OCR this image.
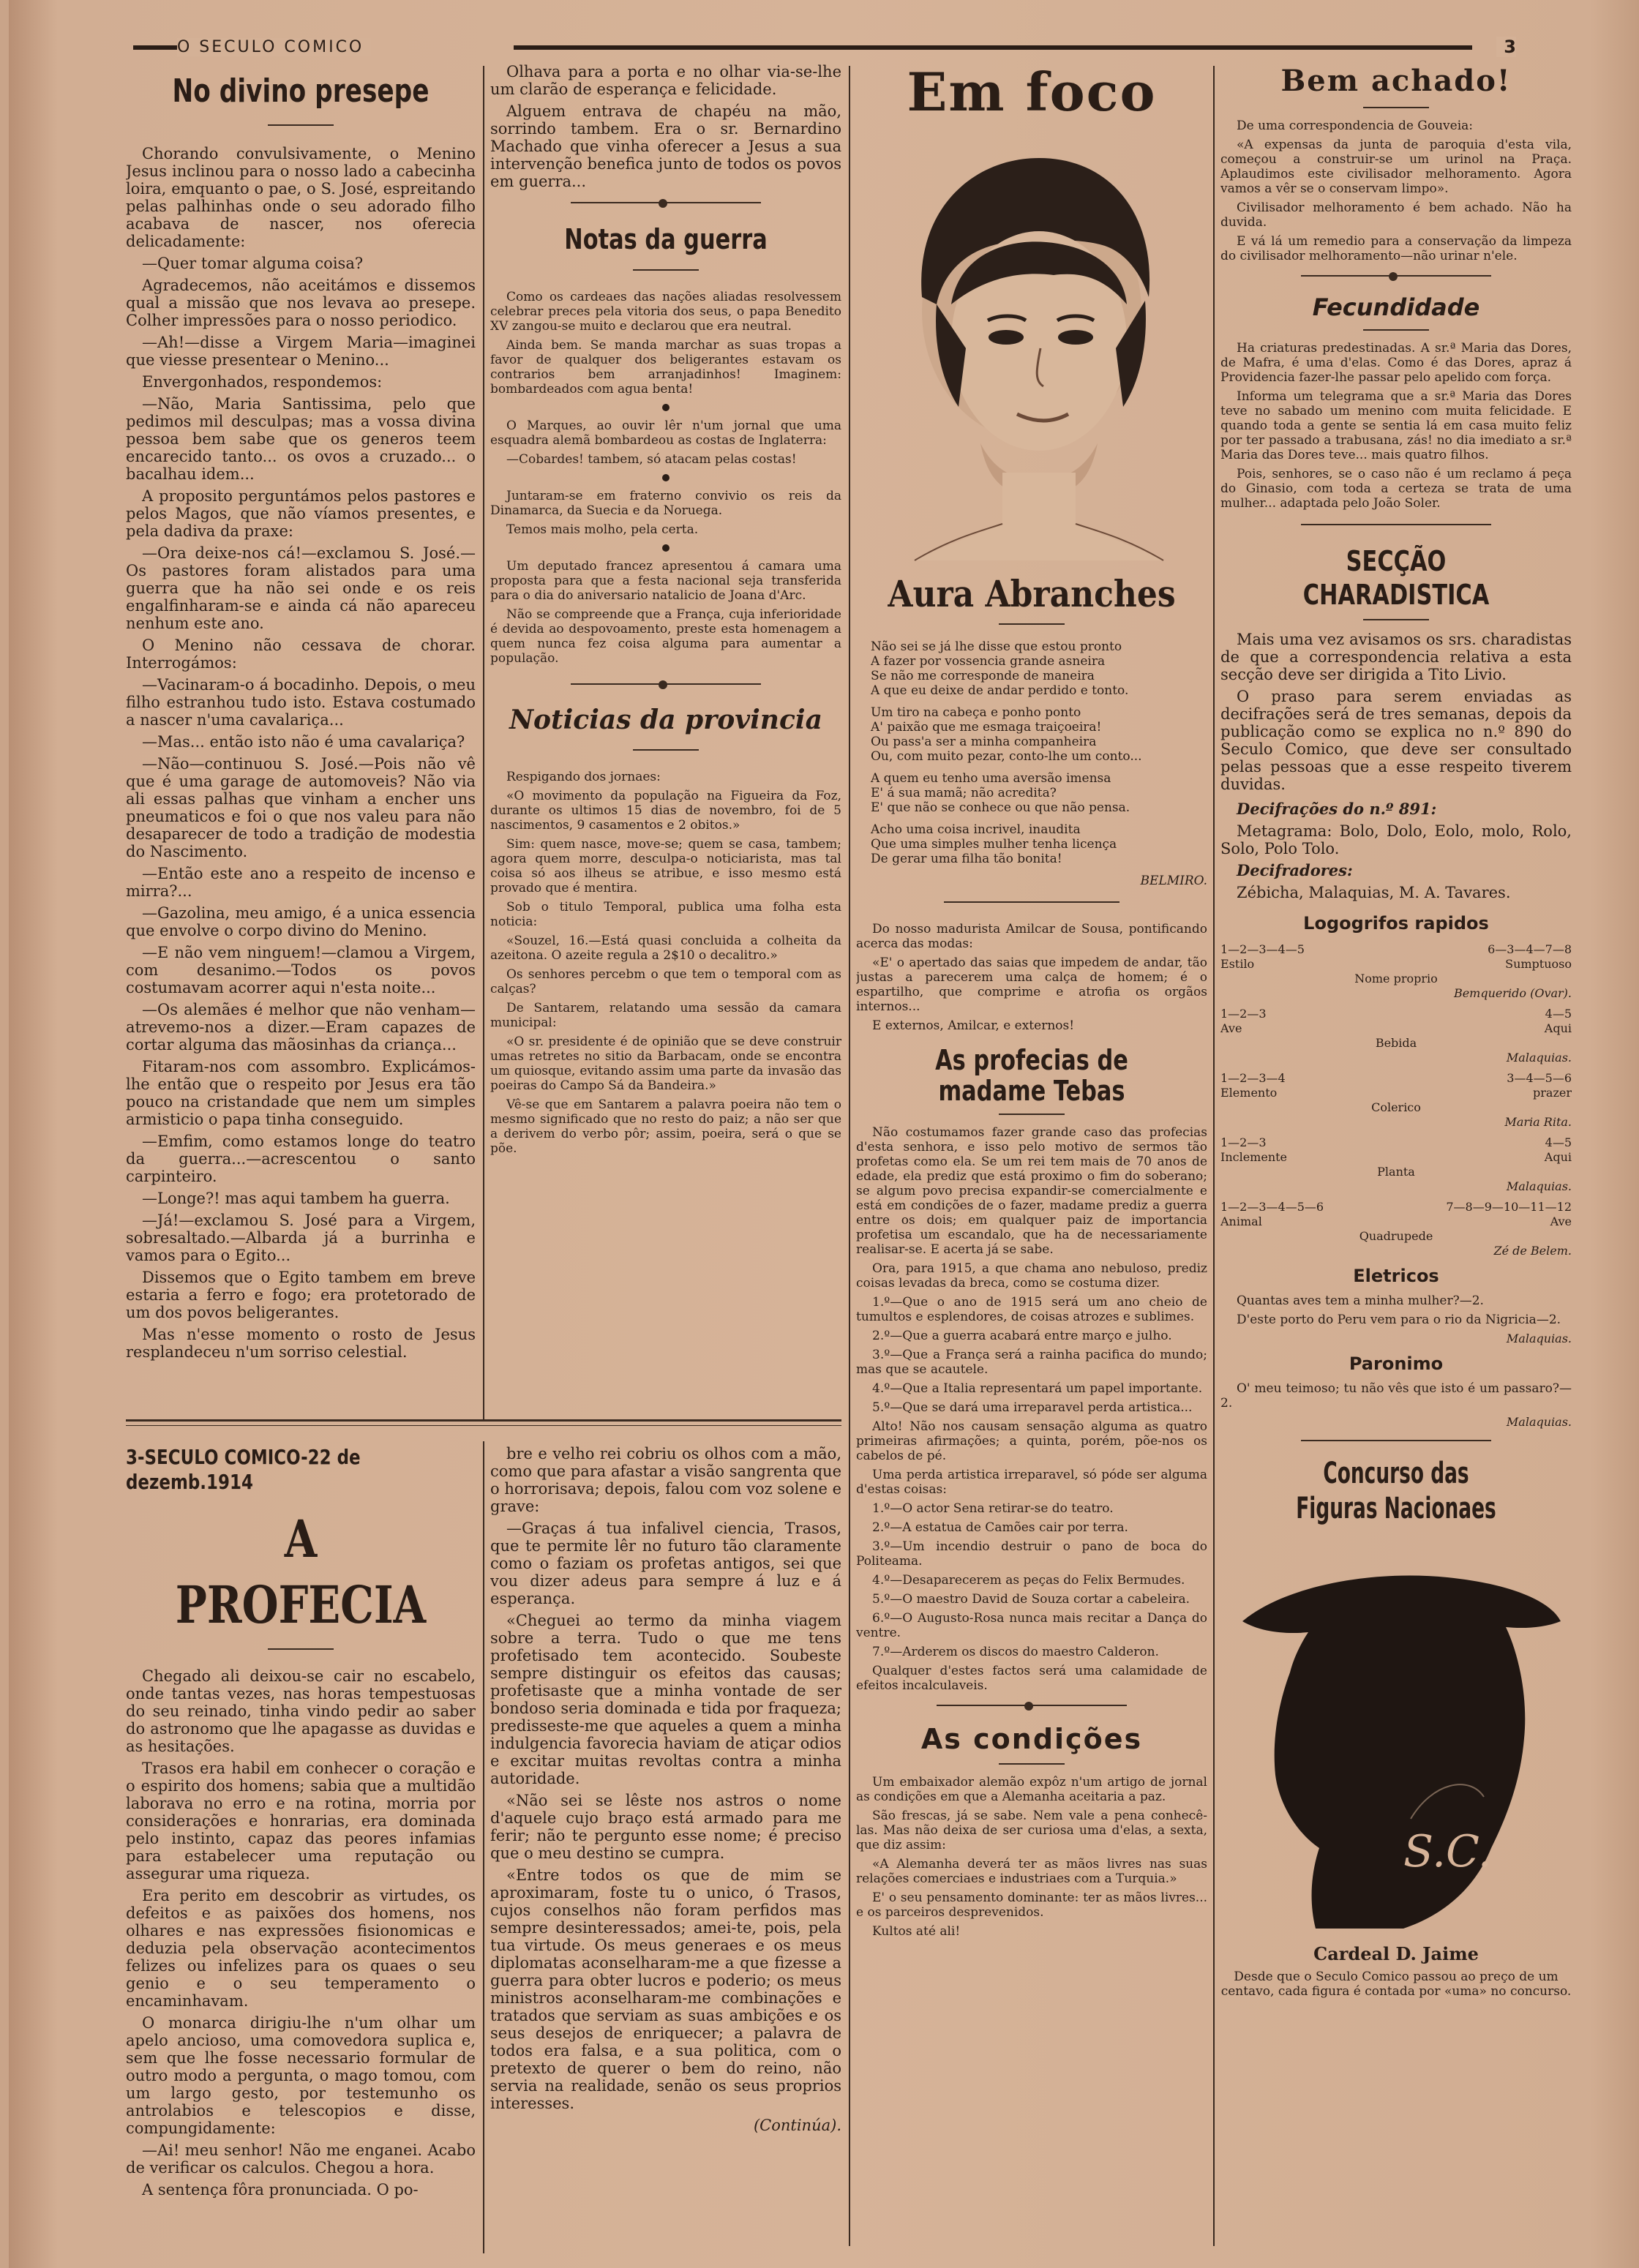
O SECULO COMICO	3
No divino presepe

Chorando convulsivamente, o Menino Jesus inclinou para o nosso lado a cabecinha loira, emquanto o pae, o S. José, espreitando pelas palhinhas onde o seu adorado filho acabava de nascer, nos oferecia delicadamente:

—Quer tomar alguma coisa?

Agradecemos, não aceitámos e dissemos qual a missão que nos levava ao presepe. Colher impressões para o nosso periodico.

—Ah!—disse a Virgem Maria—imaginei que viesse presentear o Menino...

Envergonhados, respondemos:

—Não, Maria Santissima, pelo que pedimos mil desculpas; mas a vossa divina pessoa bem sabe que os generos teem encarecido tanto... os ovos a cruzado... o bacalhau idem...

A proposito perguntámos pelos pastores e pelos Magos, que não víamos presentes, e pela dadiva da praxe:

—Ora deixe-nos cá!—exclamou S. José.—Os pastores foram alistados para uma guerra que ha não sei onde e os reis engalfinharam-se e ainda cá não apareceu nenhum este ano.

O Menino não cessava de chorar. Interrogámos:

—Vacinaram-o á bocadinho. Depois, o meu filho estranhou tudo isto. Estava costumado a nascer n'uma cavalariça...

—Mas... então isto não é uma cavalariça?

—Não—continuou S. José.—Pois não vê que é uma garage de automoveis? Não via ali essas palhas que vinham a encher uns pneumaticos e foi o que nos valeu para não desaparecer de todo a tradição de modestia do Nascimento.

—Então este ano a respeito de incenso e mirra?...

—Gazolina, meu amigo, é a unica essencia que envolve o corpo divino do Menino.

—E não vem ninguem!—clamou a Virgem, com desanimo.—Todos os povos costumavam acorrer aqui n'esta noite...

—Os alemães é melhor que não venham—atrevemo-nos a dizer.—Eram capazes de cortar alguma das mãosinhas da criança...

Fitaram-nos com assombro. Explicámos-lhe então que o respeito por Jesus era tão pouco na cristandade que nem um simples armisticio o papa tinha conseguido.

—Emfim, como estamos longe do teatro da guerra...—acrescentou o santo carpinteiro.

—Longe?! mas aqui tambem ha guerra.

—Já!—exclamou S. José para a Virgem, sobresaltado.—Albarda já a burrinha e vamos para o Egito...

Dissemos que o Egito tambem em breve estaria a ferro e fogo; era protetorado de um dos povos beligerantes.

Mas n'esse momento o rosto de Jesus resplandeceu n'um sorriso celestial.

Olhava para a porta e no olhar via-se-lhe um clarão de esperança e felicidade.

Alguem entrava de chapéu na mão, sorrindo tambem. Era o sr. Bernardino Machado que vinha oferecer a Jesus a sua intervenção benefica junto de todos os povos em guerra...

Notas da guerra

Como os cardeaes das nações aliadas resolvessem celebrar preces pela vitoria dos seus, o papa Benedito XV zangou-se muito e declarou que era neutral.

Ainda bem. Se manda marchar as suas tropas a favor de qualquer dos beligerantes estavam os contrarios bem arranjadinhos! Imaginem: bombardeados com agua benta!

O Marques, ao ouvir lêr n'um jornal que uma esquadra alemã bombardeou as costas de Inglaterra:

—Cobardes! tambem, só atacam pelas costas!

Juntaram-se em fraterno convivio os reis da Dinamarca, da Suecia e da Noruega.

Temos mais molho, pela certa.

Um deputado francez apresentou á camara uma proposta para que a festa nacional seja transferida para o dia do aniversario natalicio de Joana d'Arc.

Não se compreende que a França, cuja inferioridade é devida ao despovoamento, preste esta homenagem a quem nunca fez coisa alguma para aumentar a população.

Noticias da provincia

Respigando dos jornaes:

«O movimento da população na Figueira da Foz, durante os ultimos 15 dias de novembro, foi de 5 nascimentos, 9 casamentos e 2 obitos.»

Sim: quem nasce, move-se; quem se casa, tambem; agora quem morre, desculpa-o noticiarista, mas tal coisa só aos ilheus se atribue, e isso mesmo está provado que é mentira.

Sob o titulo Temporal, publica uma folha esta noticia:

«Souzel, 16.—Está quasi concluida a colheita da azeitona. O azeite regula a 2$10 o decalitro.»

Os senhores percebm o que tem o temporal com as calças?

De Santarem, relatando uma sessão da camara municipal:

«O sr. presidente é de opinião que se deve construir umas retretes no sitio da Barbacam, onde se encontra um quiosque, evitando assim uma parte da invasão das poeiras do Campo Sá da Bandeira.»

Vê-se que em Santarem a palavra poeira não tem o mesmo significado que no resto do paiz; a não ser que a derivem do verbo pôr; assim, poeira, será o que se põe.

3-SECULO COMICO-22 de dezemb.1914
A PROFECIA

Chegado ali deixou-se cair no escabelo, onde tantas vezes, nas horas tempestuosas do seu reinado, tinha vindo pedir ao saber do astronomo que lhe apagasse as duvidas e as hesitações.

Trasos era habil em conhecer o coração e o espirito dos homens; sabia que a multidão laborava no erro e na rotina, morria por considerações e honrarias, era dominada pelo instinto, capaz das peores infamias para estabelecer uma reputação ou assegurar uma riqueza.

Era perito em descobrir as virtudes, os defeitos e as paixões dos homens, nos olhares e nas expressões fisionomicas e deduzia pela observação acontecimentos felizes ou infelizes para os quaes o seu genio e o seu temperamento o encaminhavam.

O monarca dirigiu-lhe n'um olhar um apelo ancioso, uma comovedora suplica e, sem que lhe fosse necessario formular de outro modo a pergunta, o mago tomou, com um largo gesto, por testemunho os antrolabios e telescopios e disse, compungidamente:

—Ai! meu senhor! Não me enganei. Acabo de verificar os calculos. Chegou a hora.

A sentença fôra pronunciada. O po-

bre e velho rei cobriu os olhos com a mão, como que para afastar a visão sangrenta que o horrorisava; depois, falou com voz solene e grave:

—Graças á tua infalivel ciencia, Trasos, que te permite lêr no futuro tão claramente como o faziam os profetas antigos, sei que vou dizer adeus para sempre á luz e á esperança.

«Cheguei ao termo da minha viagem sobre a terra. Tudo o que me tens profetisado tem acontecido. Soubeste sempre distinguir os efeitos das causas; profetisaste que a minha vontade de ser bondoso seria dominada e tida por fraqueza; predisseste-me que aqueles a quem a minha indulgencia favorecia haviam de atiçar odios e excitar muitas revoltas contra a minha autoridade.

«Não sei se lêste nos astros o nome d'aquele cujo braço está armado para me ferir; não te pergunto esse nome; é preciso que o meu destino se cumpra.

«Entre todos os que de mim se aproximaram, foste tu o unico, ó Trasos, cujos conselhos não foram perfidos mas sempre desinteressados; amei-te, pois, pela tua virtude. Os meus generaes e os meus diplomatas aconselharam-me a que fizesse a guerra para obter lucros e poderio; os meus ministros aconselharam-me combinações e tratados que serviam as suas ambições e os seus desejos de enriquecer; a palavra de todos era falsa, e a sua politica, com o pretexto de querer o bem do reino, não servia na realidade, senão os seus proprios interesses.

(Continúa).
Em foco
Aura Abranches
Não sei se já lhe disse que estou pronto
A fazer por vossencia grande asneira
Se não me corresponde de maneira
A que eu deixe de andar perdido e tonto.
Um tiro na cabeça e ponho ponto
A' paixão que me esmaga traiçoeira!
Ou pass'a ser a minha companheira
Ou, com muito pezar, conto-lhe um conto...
A quem eu tenho uma aversão imensa
E' á sua mamã; não acredita?
E' que não se conhece ou que não pensa.
Acho uma coisa incrivel, inaudita
Que uma simples mulher tenha licença
De gerar uma filha tão bonita!
BELMIRO.

Do nosso madurista Amilcar de Sousa, pontificando acerca das modas:

«E' o apertado das saias que impedem de andar, tão justas a parecerem uma calça de homem; é o espartilho, que comprime e atrofia os orgãos internos...

E externos, Amilcar, e externos!

As profecias de madame Tebas

Não costumamos fazer grande caso das profecias d'esta senhora, e isso pelo motivo de sermos tão profetas como ela. Se um rei tem mais de 70 anos de edade, ela prediz que está proximo o fim do soberano; se algum povo precisa expandir-se comercialmente e está em condições de o fazer, madame prediz a guerra entre os dois; em qualquer paiz de importancia profetisa um escandalo, que ha de necessariamente realisar-se. E acerta já se sabe.

Ora, para 1915, a que chama ano nebuloso, prediz coisas levadas da breca, como se costuma dizer.

1.º—Que o ano de 1915 será um ano cheio de tumultos e esplendores, de coisas atrozes e sublimes.

2.º—Que a guerra acabará entre março e julho.

3.º—Que a França será a rainha pacifica do mundo; mas que se acautele.

4.º—Que a Italia representará um papel importante.

5.º—Que se dará uma irreparavel perda artistica...

Alto! Não nos causam sensação alguma as quatro primeiras afirmações; a quinta, porém, põe-nos os cabelos de pé.

Uma perda artistica irreparavel, só póde ser alguma d'estas coisas:

1.º—O actor Sena retirar-se do teatro.

2.º—A estatua de Camões cair por terra.

3.º—Um incendio destruir o pano de boca do Politeama.

4.º—Desaparecerem as peças do Felix Bermudes.

5.º—O maestro David de Souza cortar a cabeleira.

6.º—O Augusto-Rosa nunca mais recitar a Dança do ventre.

7.º—Arderem os discos do maestro Calderon.

Qualquer d'estes factos será uma calamidade de efeitos incalculaveis.

As condições

Um embaixador alemão expôz n'um artigo de jornal as condições em que a Alemanha aceitaria a paz.

São frescas, já se sabe. Nem vale a pena conhecê-las. Mas não deixa de ser curiosa uma d'elas, a sexta, que diz assim:

«A Alemanha deverá ter as mãos livres nas suas relações comerciaes e industriaes com a Turquia.»

E' o seu pensamento dominante: ter as mãos livres... e os parceiros desprevenidos.

Kultos até ali!

Bem achado!

De uma correspondencia de Gouveia:

«A expensas da junta de paroquia d'esta vila, começou a construir-se um urinol na Praça. Aplaudimos este civilisador melhoramento. Agora vamos a vêr se o conservam limpo».

Civilisador melhoramento é bem achado. Não ha duvida.

E vá lá um remedio para a conservação da limpeza do civilisador melhoramento—não urinar n'ele.

Fecundidade

Ha criaturas predestinadas. A sr.ª Maria das Dores, de Mafra, é uma d'elas. Como é das Dores, apraz á Providencia fazer-lhe passar pelo apelido com força.

Informa um telegrama que a sr.ª Maria das Dores teve no sabado um menino com muita felicidade. E quando toda a gente se sentia lá em casa muito feliz por ter passado a trabusana, zás! no dia imediato a sr.ª Maria das Dores teve... mais quatro filhos.

Pois, senhores, se o caso não é um reclamo á peça do Ginasio, com toda a certeza se trata de uma mulher... adaptada pelo João Soler.

SECÇÃO CHARADISTICA

Mais uma vez avisamos os srs. charadistas de que a correspondencia relativa a esta secção deve ser dirigida a Tito Livio.

O praso para serem enviadas as decifrações será de tres semanas, depois da publicação como se explica no n.º 890 do Seculo Comico, que deve ser consultado pelas pessoas que a esse respeito tiverem duvidas.

Decifrações do n.º 891:

Metagrama: Bolo, Dolo, Eolo, molo, Rolo, Solo, Polo Tolo.

Decifradores:

Zébicha, Malaquias, M. A. Tavares.

Logogrifos rapidos
1—2—3—4—5	6—3—4—7—8
Estilo	Sumptuoso
Nome proprio
Bemquerido (Ovar).
1—2—3	4—5
Ave	Aqui
Bebida
Malaquias.
1—2—3—4	3—4—5—6
Elemento	prazer
Colerico
Maria Rita.
1—2—3	4—5
Inclemente	Aqui
Planta
Malaquias.
1—2—3—4—5—6	7—8—9—10—11—12
Animal	Ave
Quadrupede
Zé de Belem.
Eletricos

Quantas aves tem a minha mulher?—2.

D'este porto do Peru vem para o rio da Nigricia—2.

Malaquias.
Paronimo

O' meu teimoso; tu não vês que isto é um passaro?—2.

Malaquias.
Concurso das Figuras Nacionaes
S.C.
Cardeal D. Jaime

Desde que o Seculo Comico passou ao preço de um centavo, cada figura é contada por «uma» no concurso.
